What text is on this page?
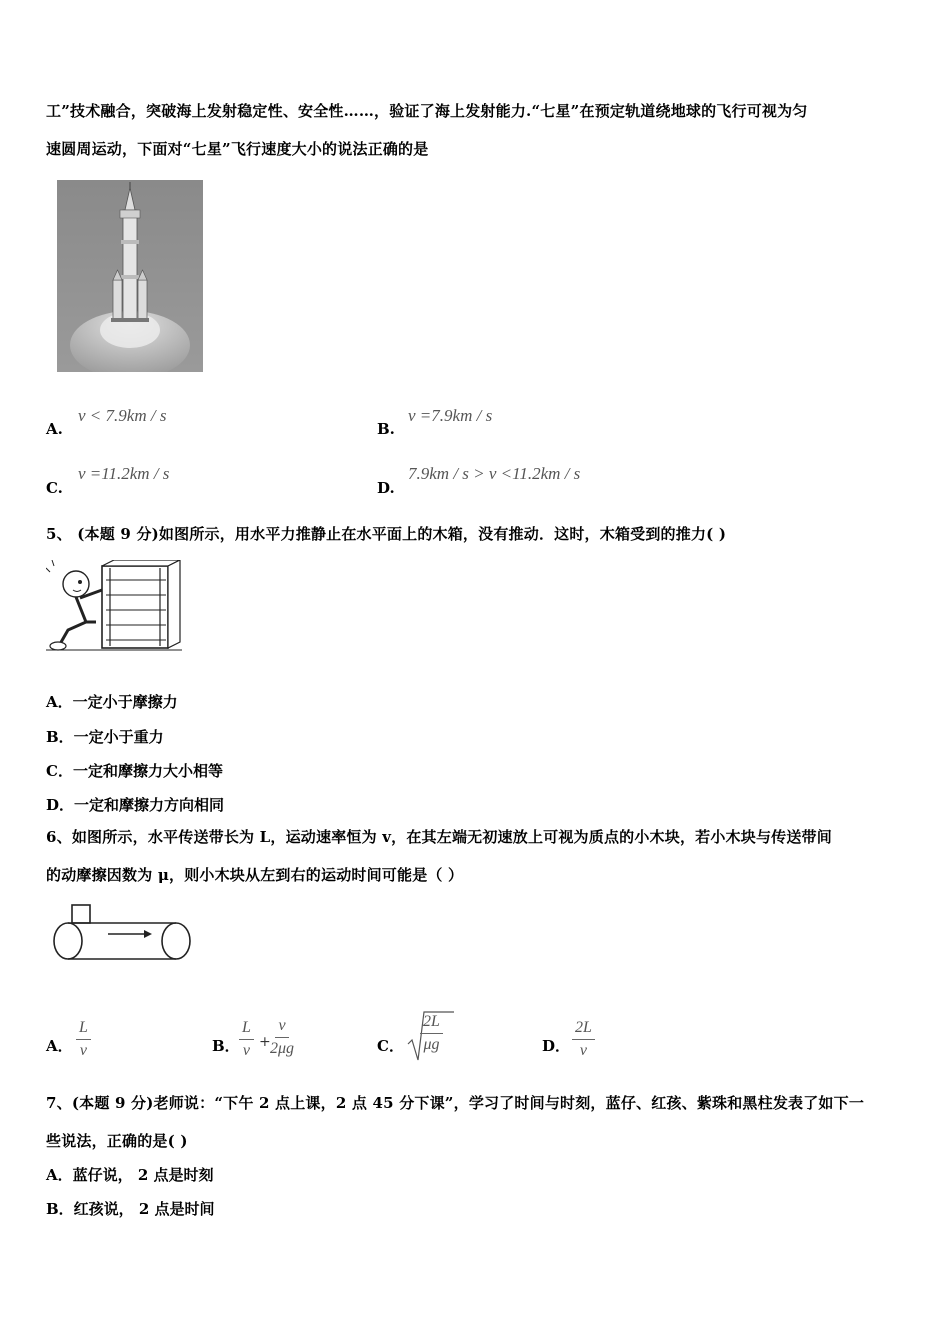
工”技术融合，突破海上发射稳定性、安全性……，验证了海上发射能力.“七星”在预定轨道绕地球的飞行可视为匀
速圆周运动，下面对“七星”飞行速度大小的说法正确的是
A.
v < 7.9km / s
B.
v =7.9km / s
C.
v =11.2km / s
D.
7.9km / s > v <11.2km / s
5、 (本题 9 分)如图所示，用水平力推静止在水平面上的木箱，没有推动．这时，木箱受到的推力( )
A．一定小于摩擦力
B．一定小于重力
C．一定和摩擦力大小相等
D．一定和摩擦力方向相同
6、如图所示，水平传送带长为 L，运动速率恒为 v，在其左端无初速放上可视为质点的小木块，若小木块与传送带间
的动摩擦因数为 μ，则小木块从左到右的运动时间可能是（ ）
A． $\frac{L}{v}$	B． $\frac{L}{v} + \frac{v}{2\mu g}$	C． $\frac{2L}{\mu g}$	D． $\frac{2L}{v}$
7、(本题 9 分)老师说：“下午 2 点上课，2 点 45 分下课”，学习了时间与时刻，蓝仔、红孩、紫珠和黑柱发表了如下一
些说法，正确的是( )
A．蓝仔说， 2 点是时刻
B．红孩说， 2 点是时间
